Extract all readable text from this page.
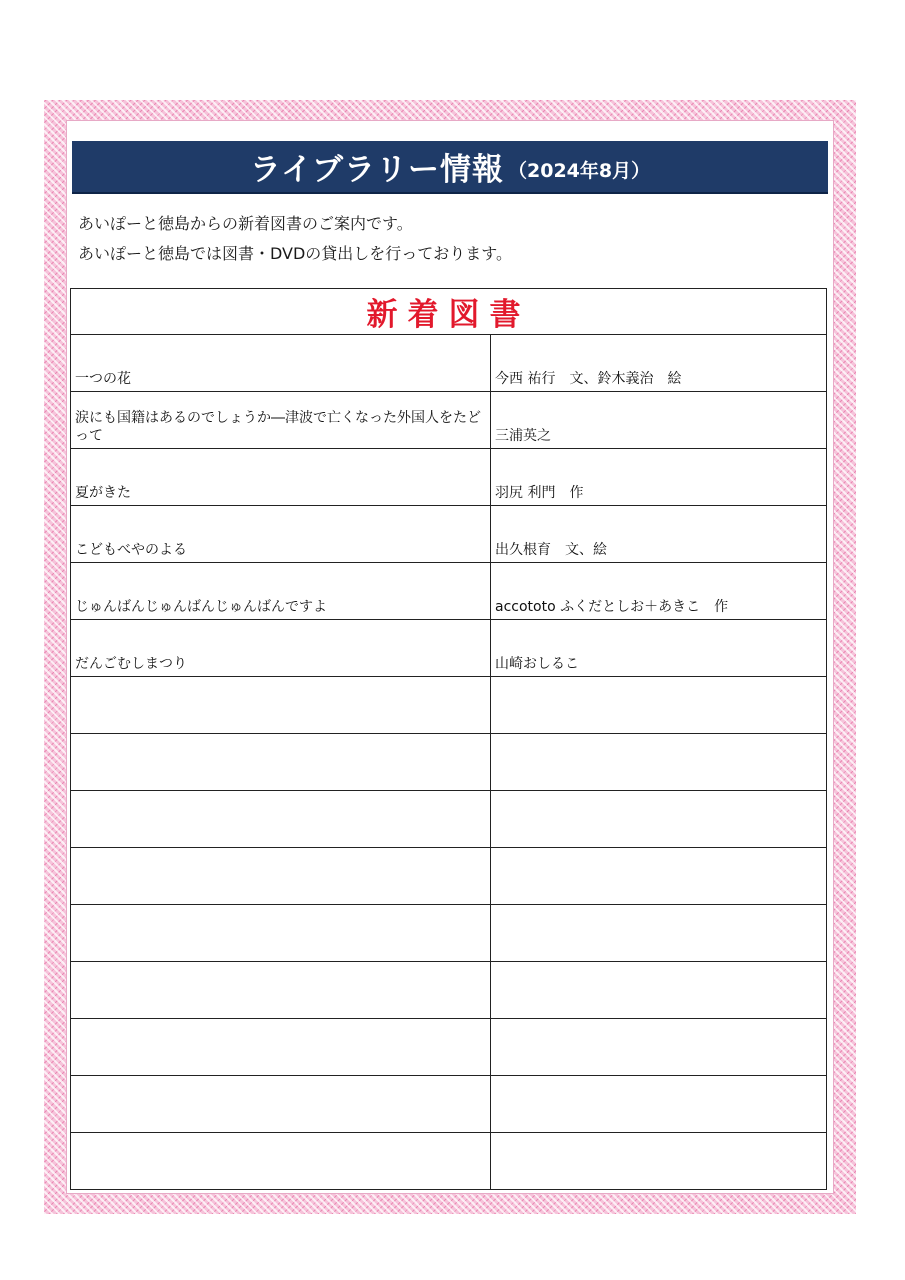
ライブラリー情報 （2024年8月）
あいぽーと徳島からの新着図書のご案内です。
あいぽーと徳島では図書・DVDの貸出しを行っております。
新着図書	
一つの花	今西 祐行　文、鈴木義治　絵
涙にも国籍はあるのでしょうか―津波で亡くなった外国人をたどって	三浦英之
夏がきた	羽尻 利門　作
こどもべやのよる	出久根育　文、絵
じゅんばんじゅんばんじゅんばんですよ	accototo ふくだとしお＋あきこ　作
だんごむしまつり	山崎おしるこ
